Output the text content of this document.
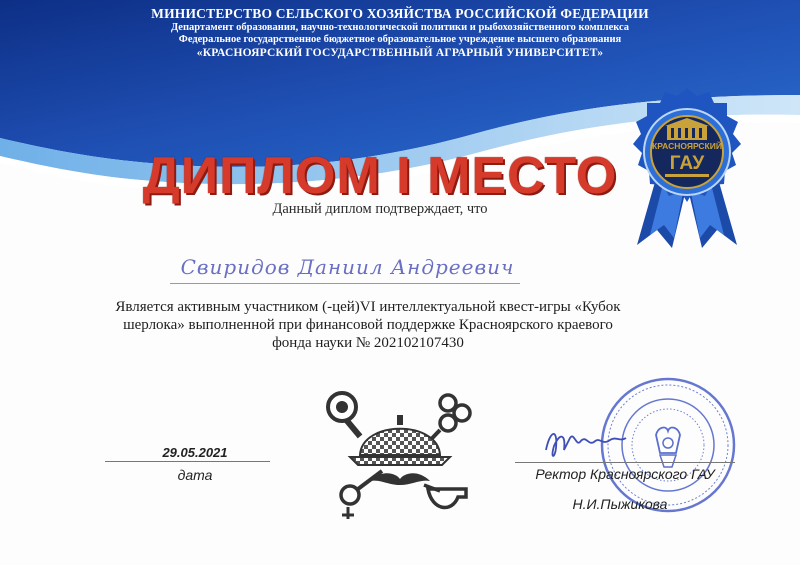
МИНИСТЕРСТВО СЕЛЬСКОГО ХОЗЯЙСТВА РОССИЙСКОЙ ФЕДЕРАЦИИ
Департамент образования, научно-технологической политики и рыбохозяйственного комплекса
Федеральное государственное бюджетное образовательное учреждение высшего образования
«КРАСНОЯРСКИЙ ГОСУДАРСТВЕННЫЙ АГРАРНЫЙ УНИВЕРСИТЕТ»
КРАСНОЯРСКИЙ
ГАУ
ДИПЛОМ I МЕСТО
Данный диплом подтверждает, что
Свиридов Даниил Андреевич
Является активным участником (-цей)VI интеллектуальной квест-игры «Кубок шерлока» выполненной при финансовой поддержке Красноярского краевого фонда науки № 202102107430
29.05.2021
дата	Ректор Красноярского ГАУ
Н.И.Пыжикова
